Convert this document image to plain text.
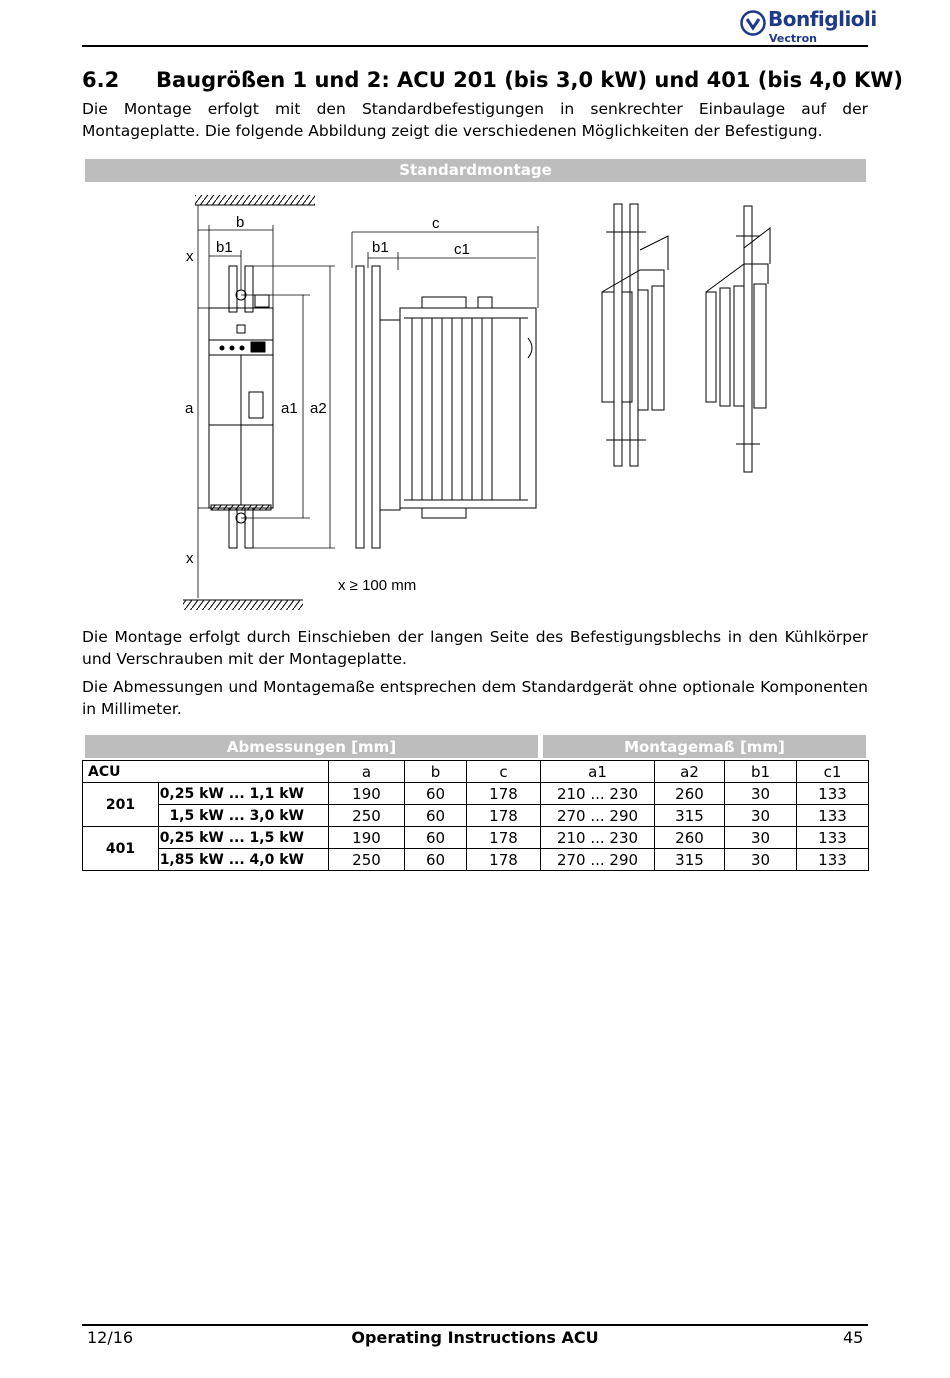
Bonfiglioli
Vectron
6.2 Baugrößen 1 und 2: ACU 201 (bis 3,0 kW) und 401 (bis 4,0 KW)
Die Montage erfolgt mit den Standardbefestigungen in senkrechter Einbaulage auf der Montageplatte. Die folgende Abbildung zeigt die verschiedenen Möglichkeiten der Befestigung.
Standardmontage
b
b1
x
a	a1 a2
x
x ≥ 100 mm
c
b1	c1
Die Montage erfolgt durch Einschieben der langen Seite des Befestigungsblechs in den Kühlkörper und Verschrauben mit der Montageplatte.
Die Abmessungen und Montagemaße entsprechen dem Standardgerät ohne optionale Komponenten in Millimeter.
Abmessungen [mm]	Montagemaß [mm]
ACU		a	b	c	a1	a2	b1	c1
201	0,25 kW ... 1,1 kW	190	60	178	210 ... 230	260	30	133
	1,5 kW ... 3,0 kW	250	60	178	270 ... 290	315	30	133
401	0,25 kW ... 1,5 kW	190	60	178	210 ... 230	260	30	133
	1,85 kW ... 4,0 kW	250	60	178	270 ... 290	315	30	133
12/16	Operating Instructions ACU	45
